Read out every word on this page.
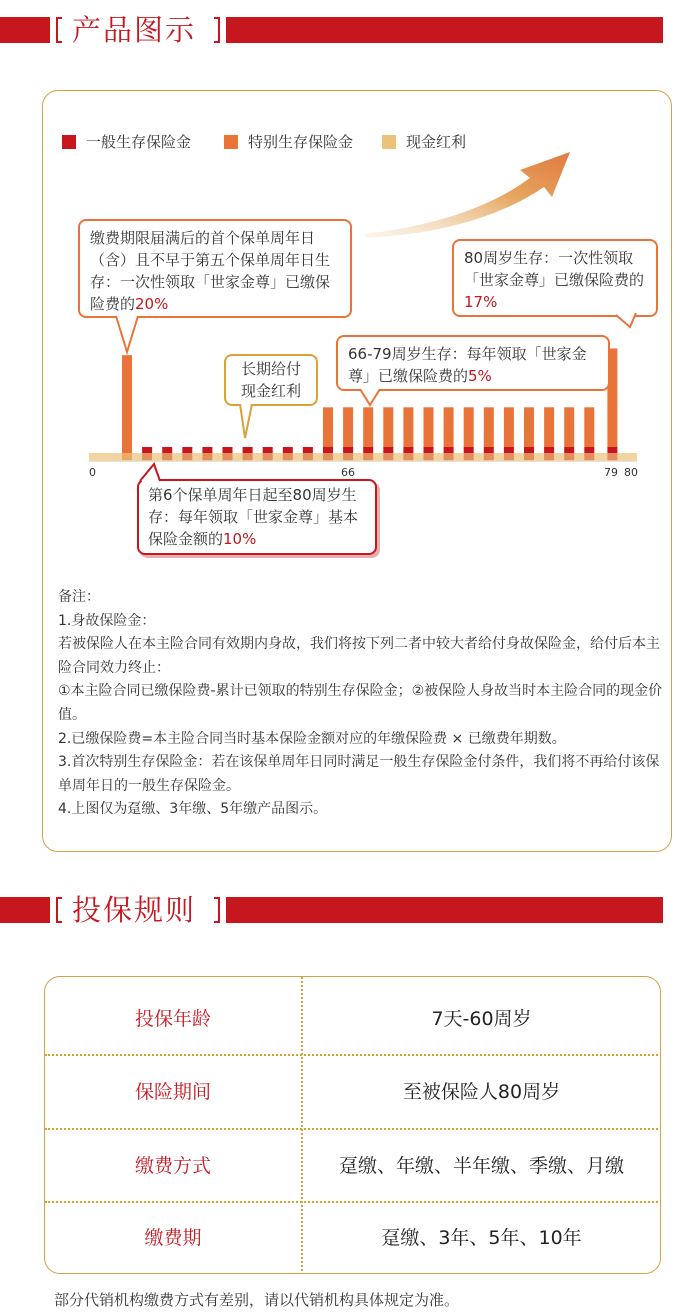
产品图示
一般生存保险金	特别生存保险金	现金红利
0	66	79 80
缴费期限届满后的首个保单周年日（含）且不早于第五个保单周年日生存：一次性领取「世家金尊」已缴保险费的20%
80周岁生存：一次性领取「世家金尊」已缴保险费的17%
66-79周岁生存：每年领取「世家金尊」已缴保险费的5%
长期给付现金红利
第6个保单周年日起至80周岁生存：每年领取「世家金尊」基本保险金额的10%

备注：

1.身故保险金：

若被保险人在本主险合同有效期内身故，我们将按下列二者中较大者给付身故保险金，给付后本主险合同效力终止：

①本主险合同已缴保险费-累计已领取的特别生存保险金；②被保险人身故当时本主险合同的现金价值。

2.已缴保险费=本主险合同当时基本保险金额对应的年缴保险费 × 已缴费年期数。

3.首次特别生存保险金：若在该保单周年日同时满足一般生存保险金付条件，我们将不再给付该保单周年日的一般生存保险金。

4.上图仅为趸缴、3年缴、5年缴产品图示。

投保规则
投保年龄	7天-60周岁
保险期间	至被保险人80周岁
缴费方式	趸缴、年缴、半年缴、季缴、月缴
缴费期	趸缴、3年、5年、10年
部分代销机构缴费方式有差别，请以代销机构具体规定为准。
